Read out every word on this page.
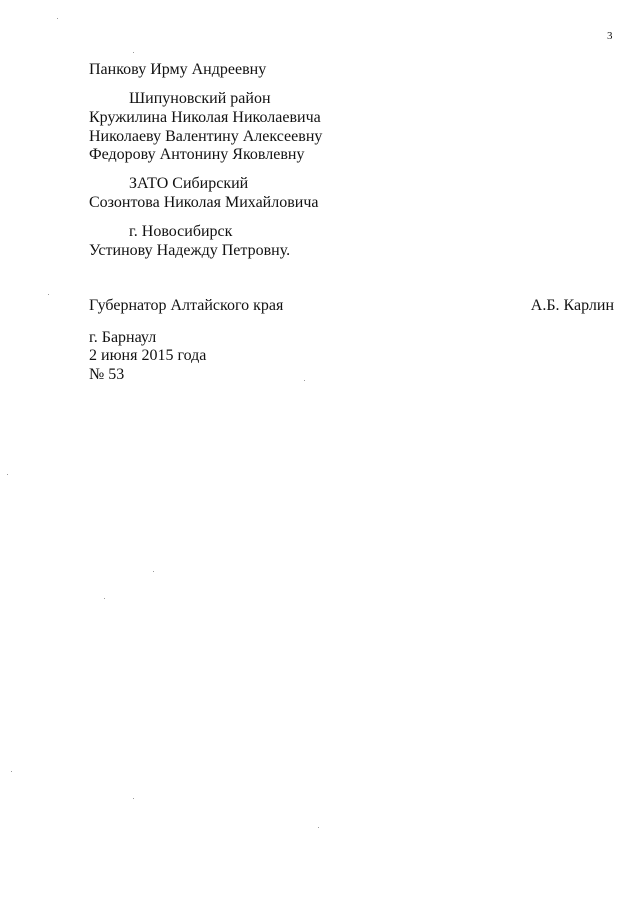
3
Панкову Ирму Андреевну
Шипуновский район
Кружилина Николая Николаевича
Николаеву Валентину Алексеевну
Федорову Антонину Яковлевну
ЗАТО Сибирский
Созонтова Николая Михайловича
г. Новосибирск
Устинову Надежду Петровну.
Губернатор Алтайского края	А.Б. Карлин
г. Барнаул
2 июня 2015 года
№ 53
